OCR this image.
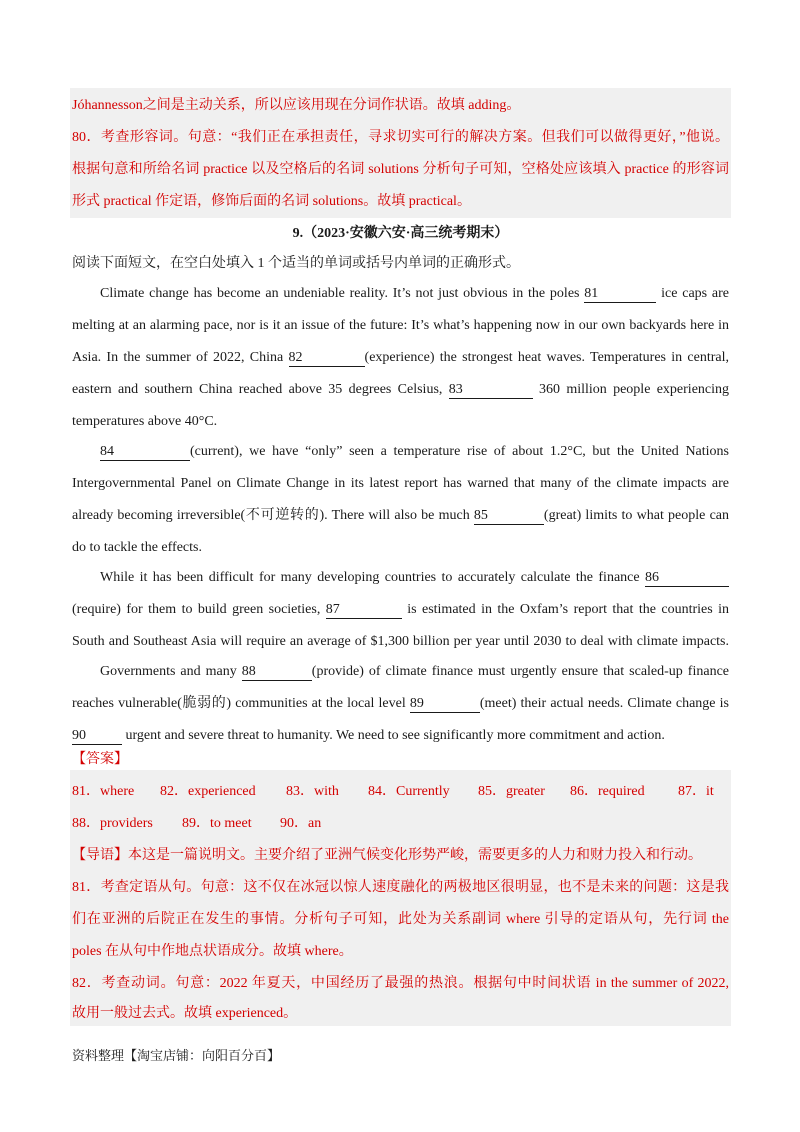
Jóhannesson之间是主动关系，所以应该用现在分词作状语。故填 adding。
80．考查形容词。句意：“我们正在承担责任，寻求切实可行的解决方案。但我们可以做得更好，”他说。
根据句意和所给名词 practice 以及空格后的名词 solutions 分析句子可知，空格处应该填入 practice 的形容词
形式 practical 作定语，修饰后面的名词 solutions。故填 practical。
9.（2023·安徽六安·高三统考期末）
阅读下面短文，在空白处填入 1 个适当的单词或括号内单词的正确形式。
Climate change has become an undeniable reality. It’s not just obvious in the poles 81	ice caps are
melting at an alarming pace, nor is it an issue of the future: It’s what’s happening now in our own backyards here in
Asia. In the summer of 2022, China 82	(experience) the strongest heat waves. Temperatures in central,
eastern and southern China reached above 35 degrees Celsius, 83	360 million people experiencing
temperatures above 40°C.
84	(current), we have “only” seen a temperature rise of about 1.2°C, but the United Nations
Intergovernmental Panel on Climate Change in its latest report has warned that many of the climate impacts are
already becoming irreversible(不可逆转的). There will also be much 85	(great) limits to what people can
do to tackle the effects.
While it has been difficult for many developing countries to accurately calculate the finance 86
(require) for them to build green societies, 87	is estimated in the Oxfam’s report that the countries in
South and Southeast Asia will require an average of $1,300 billion per year until 2030 to deal with climate impacts.
Governments and many 88	(provide) of climate finance must urgently ensure that scaled-up finance
reaches vulnerable(脆弱的) communities at the local level 89	(meet) their actual needs. Climate change is
90	urgent and severe threat to humanity. We need to see significantly more commitment and action.
【答案】
【导语】本这是一篇说明文。主要介绍了亚洲气候变化形势严峻，需要更多的人力和财力投入和行动。
81．考查定语从句。句意：这不仅在冰冠以惊人速度融化的两极地区很明显，也不是未来的问题：这是我
们在亚洲的后院正在发生的事情。分析句子可知，此处为关系副词 where 引导的定语从句，先行词 the
poles 在从句中作地点状语成分。故填 where。
82．考查动词。句意：2022 年夏天，中国经历了最强的热浪。根据句中时间状语 in the summer of 2022,
故用一般过去式。故填 experienced。
资料整理【淘宝店铺：向阳百分百】
81．where 82．experienced 83．with 84．Currently 85．greater 86．required 87．it
88．providers 89．to meet 90．an
